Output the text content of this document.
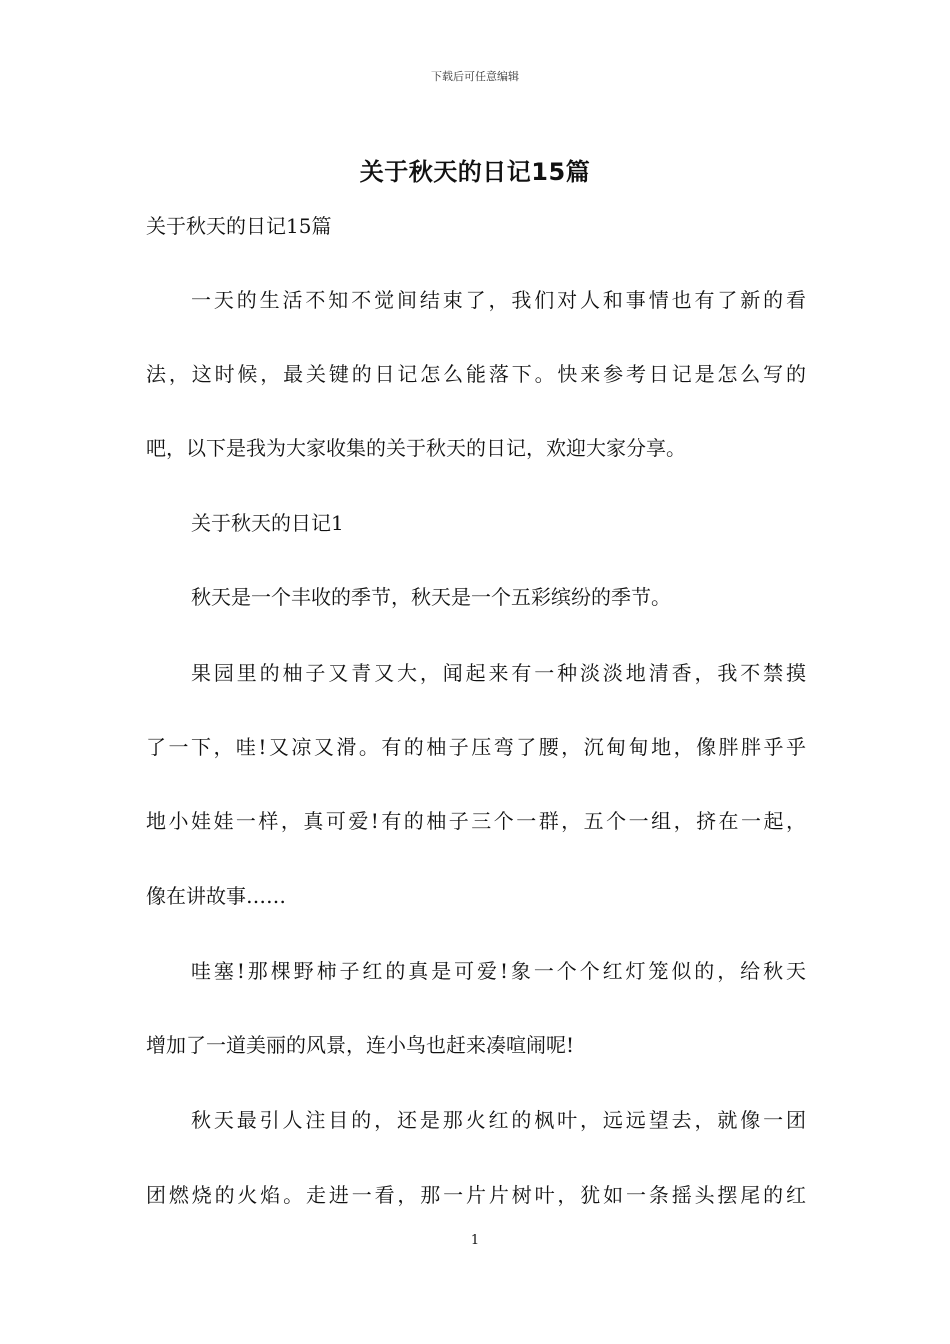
下载后可任意编辑
关于秋天的日记15篇
关于秋天的日记15篇
一天的生活不知不觉间结束了，我们对人和事情也有了新的看
法，这时候，最关键的日记怎么能落下。快来参考日记是怎么写的
吧，以下是我为大家收集的关于秋天的日记，欢迎大家分享。
关于秋天的日记1
秋天是一个丰收的季节，秋天是一个五彩缤纷的季节。
果园里的柚子又青又大，闻起来有一种淡淡地清香，我不禁摸
了一下，哇!又凉又滑。有的柚子压弯了腰，沉甸甸地，像胖胖乎乎
地小娃娃一样，真可爱!有的柚子三个一群，五个一组，挤在一起，
像在讲故事……
哇塞!那棵野柿子红的真是可爱!象一个个红灯笼似的，给秋天
增加了一道美丽的风景，连小鸟也赶来凑喧闹呢!
秋天最引人注目的，还是那火红的枫叶，远远望去，就像一团
团燃烧的火焰。走进一看，那一片片树叶，犹如一条摇头摆尾的红
1
